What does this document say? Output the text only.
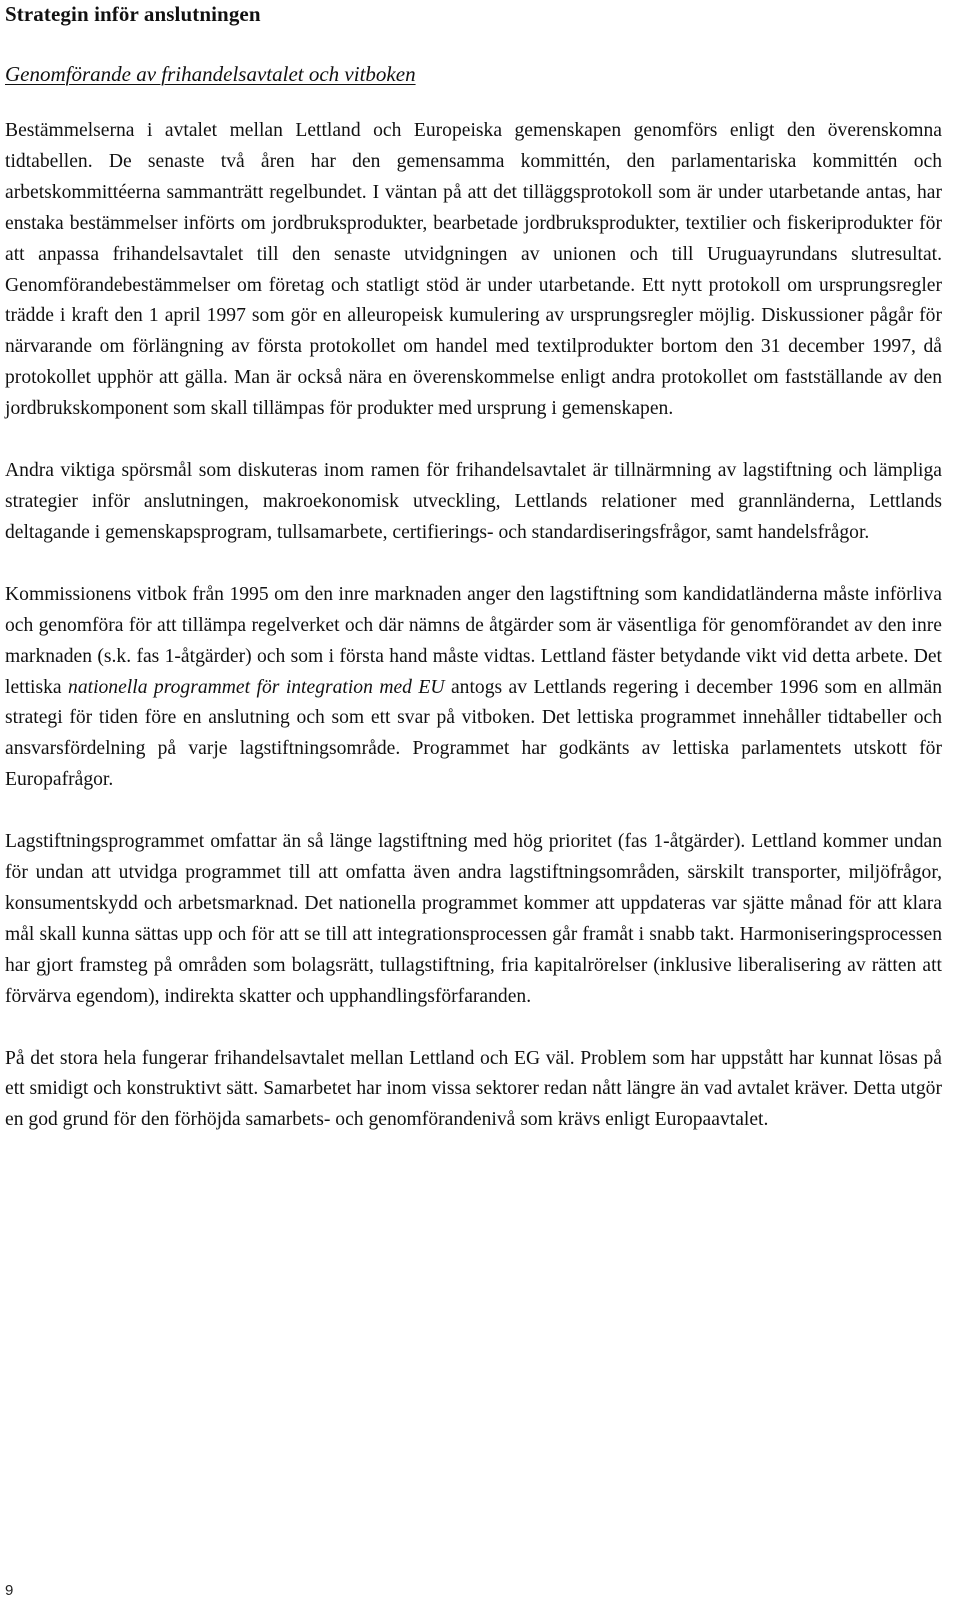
Strategin inför anslutningen
Genomförande av frihandelsavtalet och vitboken

Bestämmelserna i avtalet mellan Lettland och Europeiska gemenskapen genomförs enligt den överenskomna tidtabellen. De senaste två åren har den gemensamma kommittén, den parlamentariska kommittén och arbetskommittéerna sammanträtt regelbundet. I väntan på att det tilläggsprotokoll som är under utarbetande antas, har enstaka bestämmelser införts om jordbruksprodukter, bearbetade jordbruksprodukter, textilier och fiskeriprodukter för att anpassa frihandelsavtalet till den senaste utvidgningen av unionen och till Uruguayrundans slutresultat. Genomförandebestämmelser om företag och statligt stöd är under utarbetande. Ett nytt protokoll om ursprungsregler trädde i kraft den 1 april 1997 som gör en alleuropeisk kumulering av ursprungsregler möjlig. Diskussioner pågår för närvarande om förlängning av första protokollet om handel med textilprodukter bortom den 31 december 1997, då protokollet upphör att gälla. Man är också nära en överenskommelse enligt andra protokollet om fastställande av den jordbrukskomponent som skall tillämpas för produkter med ursprung i gemenskapen.

Andra viktiga spörsmål som diskuteras inom ramen för frihandelsavtalet är tillnärmning av lagstiftning och lämpliga strategier inför anslutningen, makroekonomisk utveckling, Lettlands relationer med grannländerna, Lettlands deltagande i gemenskapsprogram, tullsamarbete, certifierings- och standardiseringsfrågor, samt handelsfrågor.

Kommissionens vitbok från 1995 om den inre marknaden anger den lagstiftning som kandidatländerna måste införliva och genomföra för att tillämpa regelverket och där nämns de åtgärder som är väsentliga för genomförandet av den inre marknaden (s.k. fas 1-åtgärder) och som i första hand måste vidtas. Lettland fäster betydande vikt vid detta arbete. Det lettiska nationella programmet för integration med EU antogs av Lettlands regering i december 1996 som en allmän strategi för tiden före en anslutning och som ett svar på vitboken. Det lettiska programmet innehåller tidtabeller och ansvarsfördelning på varje lagstiftningsområde. Programmet har godkänts av lettiska parlamentets utskott för Europafrågor.

Lagstiftningsprogrammet omfattar än så länge lagstiftning med hög prioritet (fas 1-åtgärder). Lettland kommer undan för undan att utvidga programmet till att omfatta även andra lagstiftningsområden, särskilt transporter, miljöfrågor, konsumentskydd och arbetsmarknad. Det nationella programmet kommer att uppdateras var sjätte månad för att klara mål skall kunna sättas upp och för att se till att integrationsprocessen går framåt i snabb takt. Harmoniseringsprocessen har gjort framsteg på områden som bolagsrätt, tullagstiftning, fria kapitalrörelser (inklusive liberalisering av rätten att förvärva egendom), indirekta skatter och upphandlingsförfaranden.

På det stora hela fungerar frihandelsavtalet mellan Lettland och EG väl. Problem som har uppstått har kunnat lösas på ett smidigt och konstruktivt sätt. Samarbetet har inom vissa sektorer redan nått längre än vad avtalet kräver. Detta utgör en god grund för den förhöjda samarbets- och genomförandenivå som krävs enligt Europaavtalet.

9
